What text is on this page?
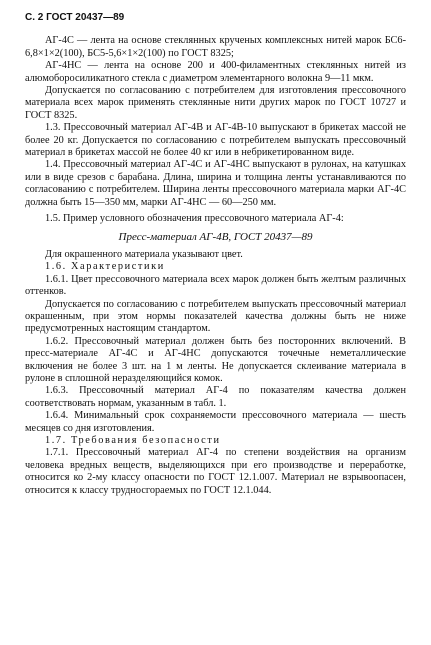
С. 2 ГОСТ 20437—89

АГ-4С — лента на основе стеклянных крученых комплексных нитей марок БС6-6,8×1×2(100), БС5-5,6×1×2(100) по ГОСТ 8325;

АГ-4НС — лента на основе 200 и 400-филаментных стеклянных нитей из алюмоборосиликатного стекла с диаметром элементарного волокна 9—11 мкм.

Допускается по согласованию с потребителем для изготовления прессовочного материала всех марок применять стеклянные нити других марок по ГОСТ 10727 и ГОСТ 8325.

1.3. Прессовочный материал АГ-4В и АГ-4В-10 выпускают в брикетах массой не более 20 кг. Допускается по согласованию с потребителем выпускать прессовочный материал в брикетах массой не более 40 кг или в небрикетированном виде.

1.4. Прессовочный материал АГ-4С и АГ-4НС выпускают в рулонах, на катушках или в виде срезов с барабана. Длина, ширина и толщина ленты устанавливаются по согласованию с потребителем. Ширина ленты прессовочного материала марки АГ-4С должна быть 15—350 мм, марки АГ-4НС — 60—250 мм.

1.5. Пример условного обозначения прессовочного материала АГ-4:

Пресс-материал АГ-4В, ГОСТ 20437—89

Для окрашенного материала указывают цвет.

1.6. Характеристики

1.6.1. Цвет прессовочного материала всех марок должен быть желтым различных оттенков.

Допускается по согласованию с потребителем выпускать прессовочный материал окрашенным, при этом нормы показателей качества должны быть не ниже предусмотренных настоящим стандартом.

1.6.2. Прессовочный материал должен быть без посторонних включений. В пресс-материале АГ-4С и АГ-4НС допускаются точечные неметаллические включения не более 3 шт. на 1 м ленты. Не допускается склеивание материала в рулоне в сплошной неразделяющийся комок.

1.6.3. Прессовочный материал АГ-4 по показателям качества должен соответствовать нормам, указанным в табл. 1.

1.6.4. Минимальный срок сохраняемости прессовочного материала — шесть месяцев со дня изготовления.

1.7. Требования безопасности

1.7.1. Прессовочный материал АГ-4 по степени воздействия на организм человека вредных веществ, выделяющихся при его производстве и переработке, относится ко 2-му классу опасности по ГОСТ 12.1.007. Материал не взрывоопасен, относится к классу трудносгораемых по ГОСТ 12.1.044.
